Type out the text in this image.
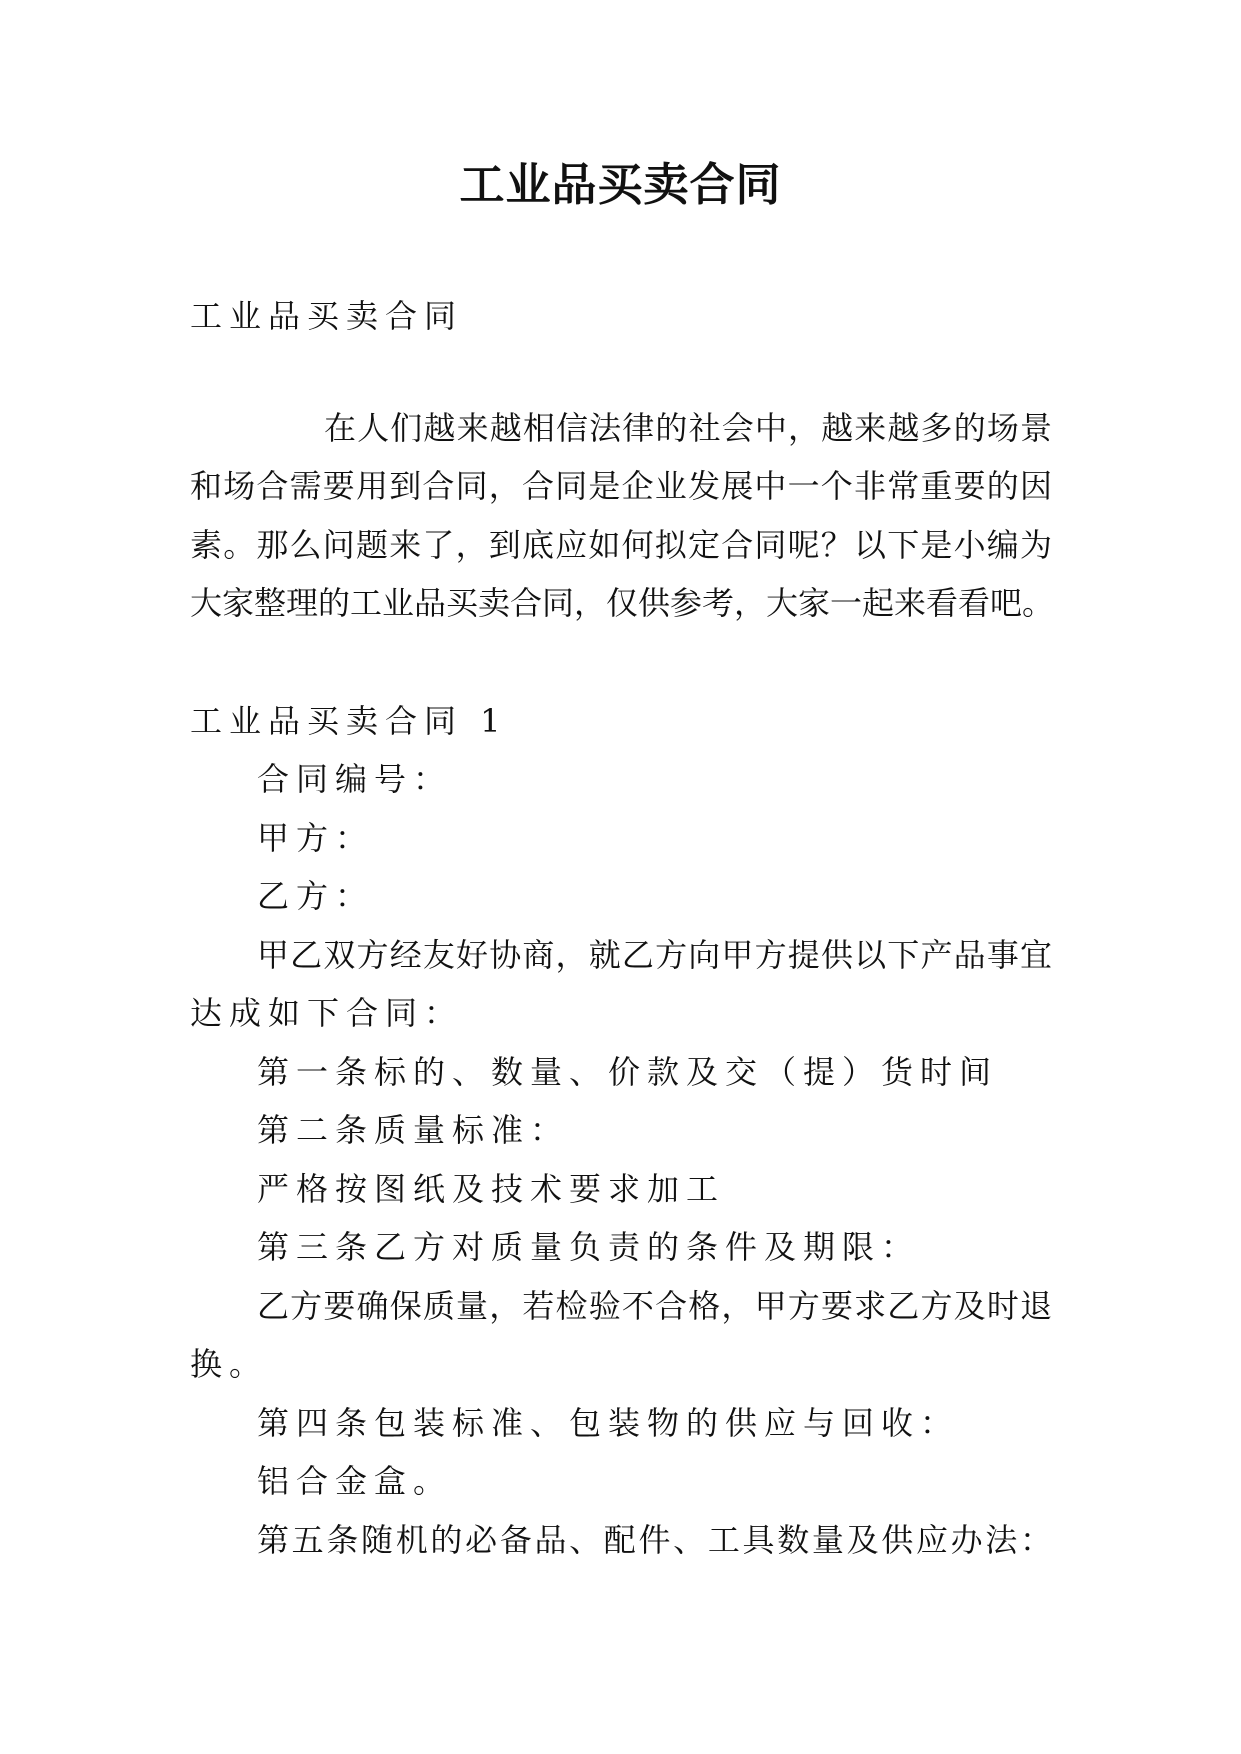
工业品买卖合同
工业品买卖合同
在人们越来越相信法律的社会中，越来越多的场景
和场合需要用到合同，合同是企业发展中一个非常重要的因
素。那么问题来了，到底应如何拟定合同呢？以下是小编为
大家整理的工业品买卖合同，仅供参考，大家一起来看看吧。
工业品买卖合同 1
合同编号：
甲方：
乙方：
甲乙双方经友好协商，就乙方向甲方提供以下产品事宜
达成如下合同：
第一条标的、数量、价款及交（提）货时间
第二条质量标准：
严格按图纸及技术要求加工
第三条乙方对质量负责的条件及期限：
乙方要确保质量，若检验不合格，甲方要求乙方及时退
换。
第四条包装标准、包装物的供应与回收：
铝合金盒。
第五条随机的必备品、配件、工具数量及供应办法：
